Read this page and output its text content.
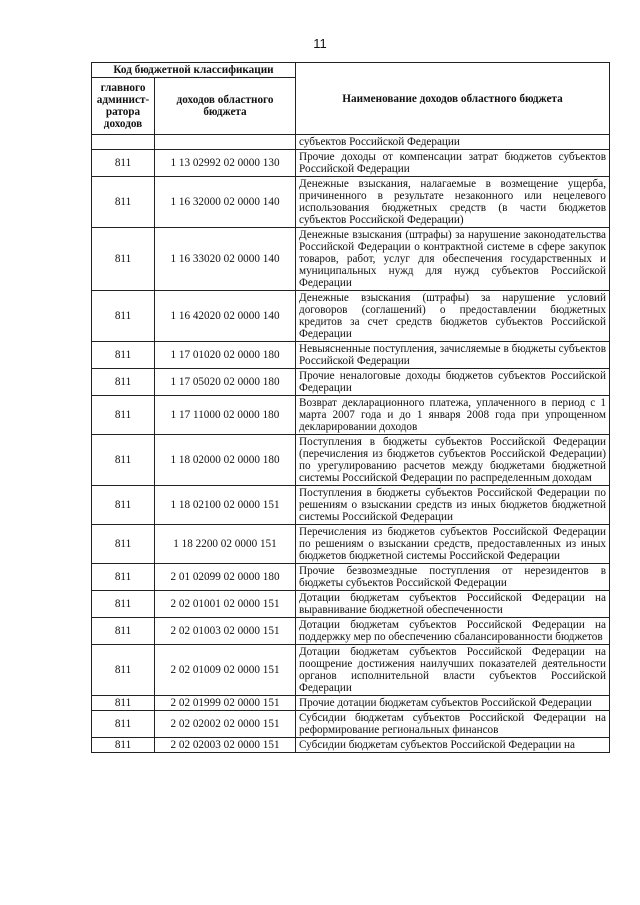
11
Код бюджетной классификации		Наименование доходов областного бюджета
главного админист-ратора доходов	доходов областного бюджета	
		субъектов Российской Федерации
811	1 13 02992 02 0000 130	Прочие доходы от компенсации затрат бюджетов субъектов Российской Федерации
811	1 16 32000 02 0000 140	Денежные взыскания, налагаемые в возмещение ущерба, причиненного в результате незаконного или нецелевого использования бюджетных средств (в части бюджетов субъектов Российской Федерации)
811	1 16 33020 02 0000 140	Денежные взыскания (штрафы) за нарушение законодательства Российской Федерации о контрактной системе в сфере закупок товаров, работ, услуг для обеспечения государственных и муниципальных нужд для нужд субъектов Российской Федерации
811	1 16 42020 02 0000 140	Денежные взыскания (штрафы) за нарушение условий договоров (соглашений) о предоставлении бюджетных кредитов за счет средств бюджетов субъектов Российской Федерации
811	1 17 01020 02 0000 180	Невыясненные поступления, зачисляемые в бюджеты субъектов Российской Федерации
811	1 17 05020 02 0000 180	Прочие неналоговые доходы бюджетов субъектов Российской Федерации
811	1 17 11000 02 0000 180	Возврат декларационного платежа, уплаченного в период с 1 марта 2007 года и до 1 января 2008 года при упрощенном декларировании доходов
811	1 18 02000 02 0000 180	Поступления в бюджеты субъектов Российской Федерации (перечисления из бюджетов субъектов Российской Федерации) по урегулированию расчетов между бюджетами бюджетной системы Российской Федерации по распределенным доходам
811	1 18 02100 02 0000 151	Поступления в бюджеты субъектов Российской Федерации по решениям о взыскании средств из иных бюджетов бюджетной системы Российской Федерации
811	1 18 2200 02 0000 151	Перечисления из бюджетов субъектов Российской Федерации по решениям о взыскании средств, предоставленных из иных бюджетов бюджетной системы Российской Федерации
811	2 01 02099 02 0000 180	Прочие безвозмездные поступления от нерезидентов в бюджеты субъектов Российской Федерации
811	2 02 01001 02 0000 151	Дотации бюджетам субъектов Российской Федерации на выравнивание бюджетной обеспеченности
811	2 02 01003 02 0000 151	Дотации бюджетам субъектов Российской Федерации на поддержку мер по обеспечению сбалансированности бюджетов
811	2 02 01009 02 0000 151	Дотации бюджетам субъектов Российской Федерации на поощрение достижения наилучших показателей деятельности органов исполнительной власти субъектов Российской Федерации
811	2 02 01999 02 0000 151	Прочие дотации бюджетам субъектов Российской Федерации
811	2 02 02002 02 0000 151	Субсидии бюджетам субъектов Российской Федерации на реформирование региональных финансов
811	2 02 02003 02 0000 151	Субсидии бюджетам субъектов Российской Федерации на
